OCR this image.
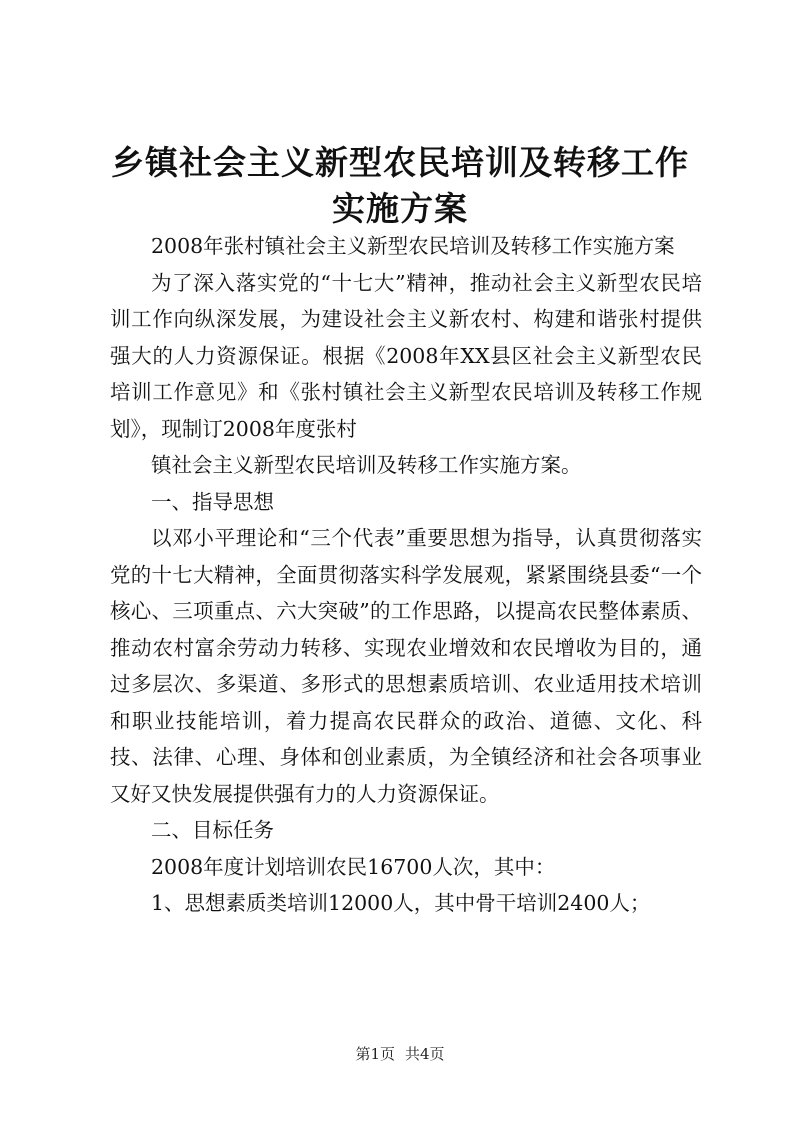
乡镇社会主义新型农民培训及转移工作实施方案

2008年张村镇社会主义新型农民培训及转移工作实施方案

为了深入落实党的“十七大”精神，推动社会主义新型农民培训工作向纵深发展，为建设社会主义新农村、构建和谐张村提供强大的人力资源保证。根据《2008年XX县区社会主义新型农民培训工作意见》和《张村镇社会主义新型农民培训及转移工作规划》，现制订2008年度张村

镇社会主义新型农民培训及转移工作实施方案。

一、指导思想

以邓小平理论和“三个代表”重要思想为指导，认真贯彻落实党的十七大精神，全面贯彻落实科学发展观，紧紧围绕县委“一个核心、三项重点、六大突破”的工作思路，以提高农民整体素质、推动农村富余劳动力转移、实现农业增效和农民增收为目的，通过多层次、多渠道、多形式的思想素质培训、农业适用技术培训和职业技能培训，着力提高农民群众的政治、道德、文化、科技、法律、心理、身体和创业素质，为全镇经济和社会各项事业又好又快发展提供强有力的人力资源保证。

二、目标任务

2008年度计划培训农民16700人次，其中：

1、思想素质类培训12000人，其中骨干培训2400人；

第1页 共4页
